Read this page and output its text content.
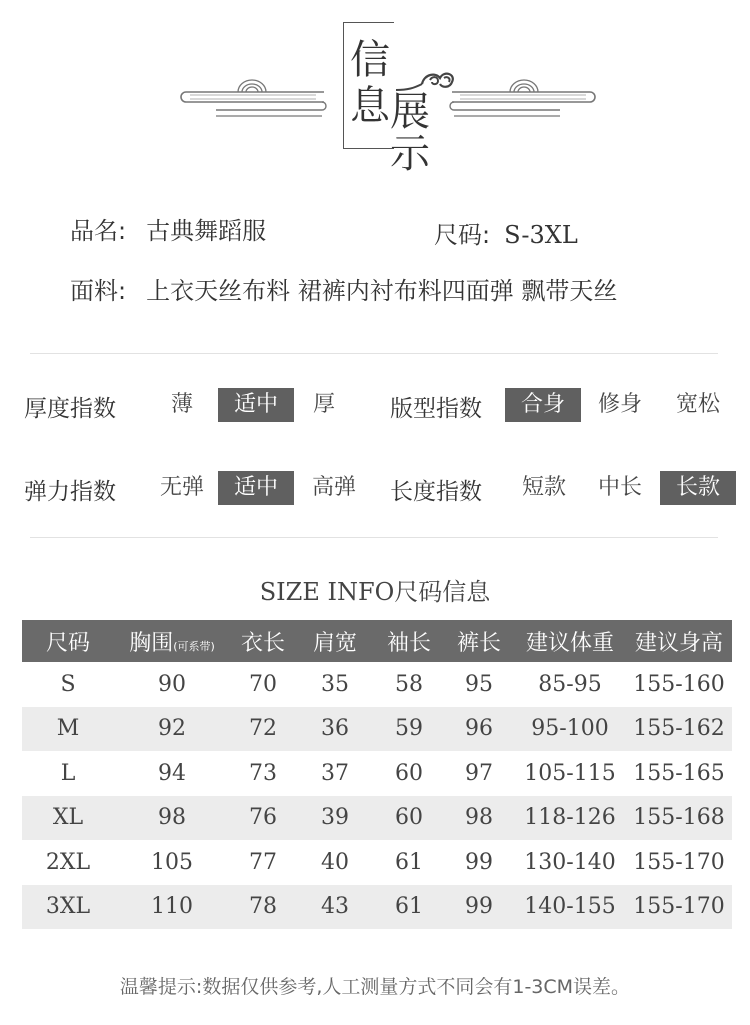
信
息 展
示
品名: 古典舞蹈服	尺码: S-3XL
面料: 上衣天丝布料 裙裤内衬布料四面弹 飘带天丝
厚度指数	薄	适中	厚	版型指数	合身	修身	宽松
弹力指数	无弹	适中	高弹	长度指数	短款	中长	长款
SIZE INFO尺码信息
尺码	胸围(可系带)	衣长	肩宽	袖长	裤长	建议体重	建议身高
S	90	70	35	58	95	85-95	155-160
M	92	72	36	59	96	95-100	155-162
L	94	73	37	60	97	105-115	155-165
XL	98	76	39	60	98	118-126	155-168
2XL	105	77	40	61	99	130-140	155-170
3XL	110	78	43	61	99	140-155	155-170
温馨提示:数据仅供参考,人工测量方式不同会有1-3CM误差。
